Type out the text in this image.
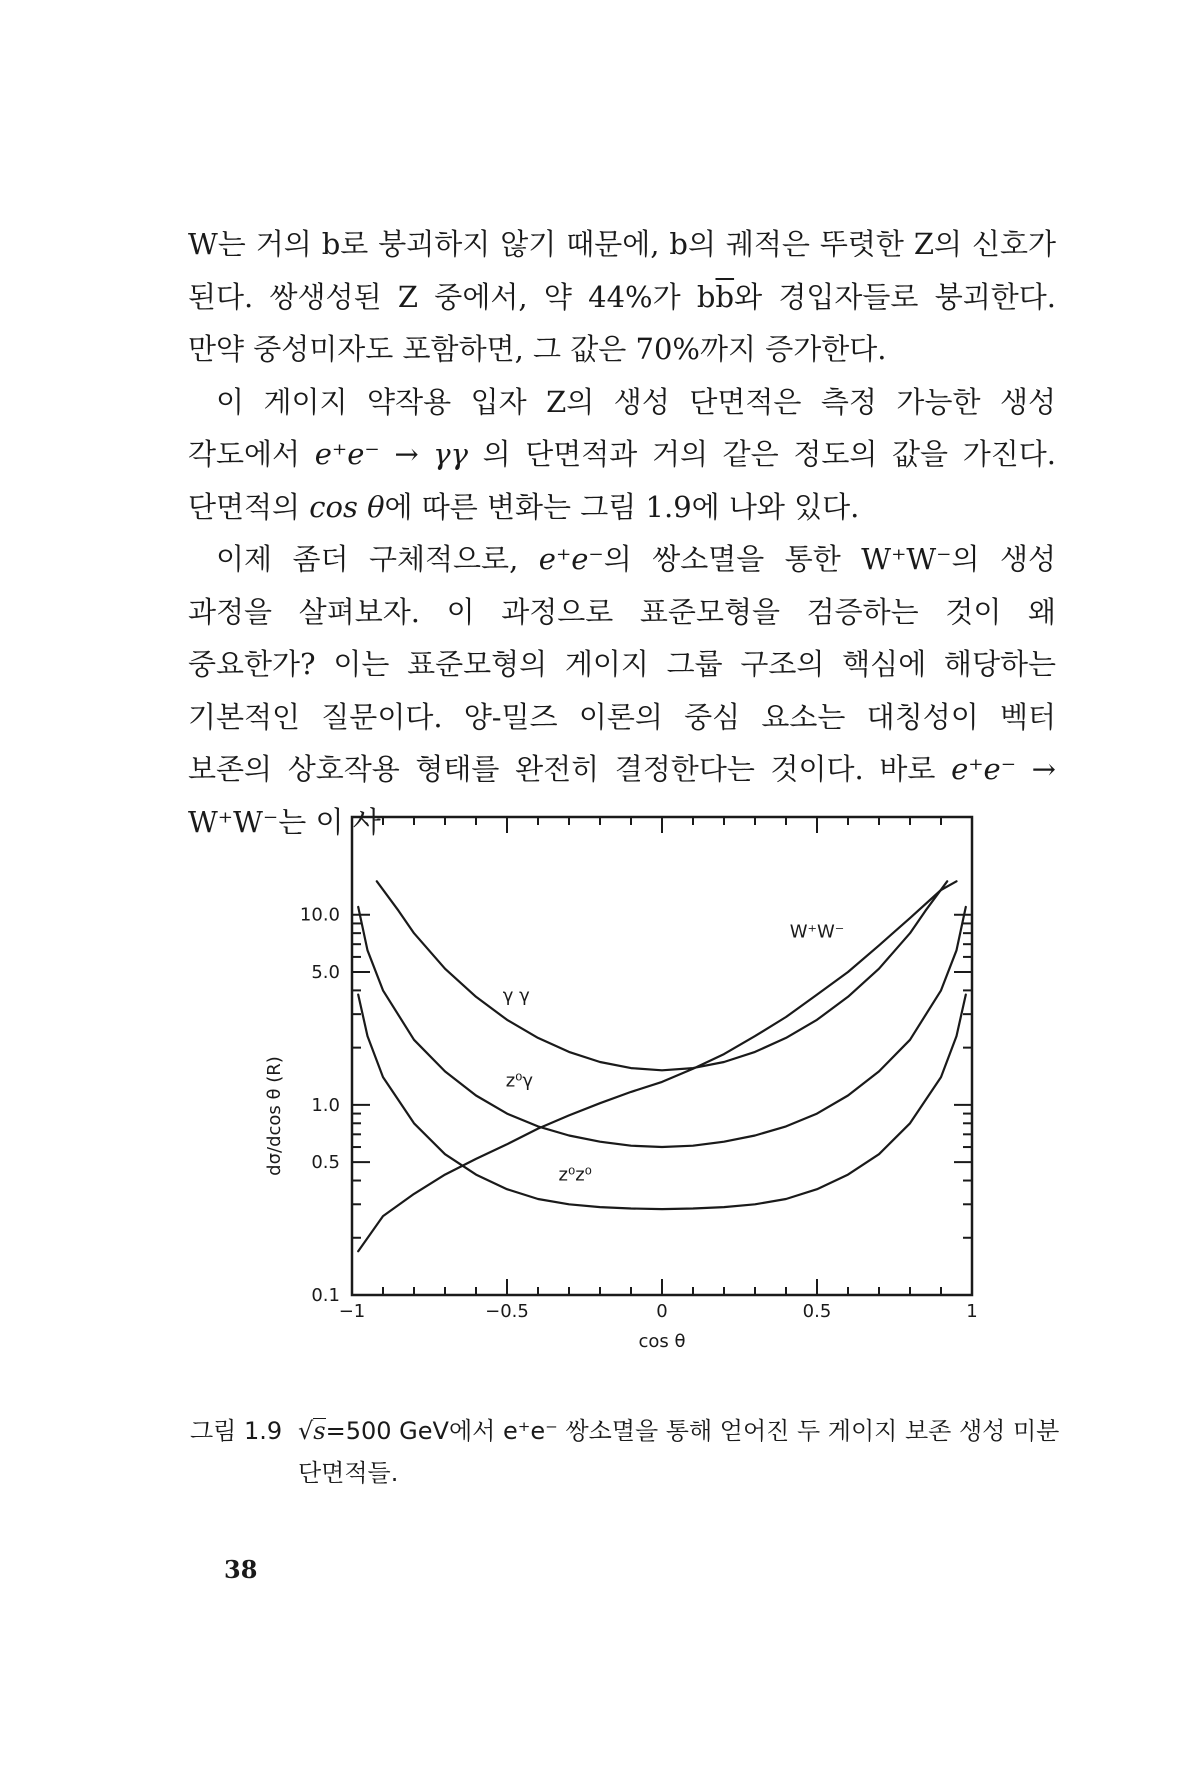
W는 거의 b로 붕괴하지 않기 때문에, b의 궤적은 뚜렷한 Z의 신호가 된다. 쌍생성된 Z 중에서, 약 44%가 $b\overline{b}$와 경입자들로 붕괴한다. 만약 중성미자도 포함하면, 그 값은 70%까지 증가한다.

이 게이지 약작용 입자 Z의 생성 단면적은 측정 가능한 생성 각도에서 e⁺e⁻ → γγ 의 단면적과 거의 같은 정도의 값을 가진다. 단면적의 cos θ에 따른 변화는 그림 1.9에 나와 있다.

이제 좀더 구체적으로, e⁺e⁻의 쌍소멸을 통한 W⁺W⁻의 생성 과정을 살펴보자. 이 과정으로 표준모형을 검증하는 것이 왜 중요한가? 이는 표준모형의 게이지 그룹 구조의 핵심에 해당하는 기본적인 질문이다. 양-밀즈 이론의 중심 요소는 대칭성이 벡터 보존의 상호작용 형태를 완전히 결정한다는 것이다. 바로 e⁺e⁻ → W⁺W⁻는 이 사

−1	−0.5	0	0.5	1
0.1
0.5
1.0
5.0
10.0
W⁺W⁻
γ γ
z⁰γ
z⁰z⁰
cos θ
dσ/dcos θ (R)
그림 1.9 √s=500 GeV에서 e⁺e⁻ 쌍소멸을 통해 얻어진 두 게이지 보존 생성 미분 단면적들.
38
